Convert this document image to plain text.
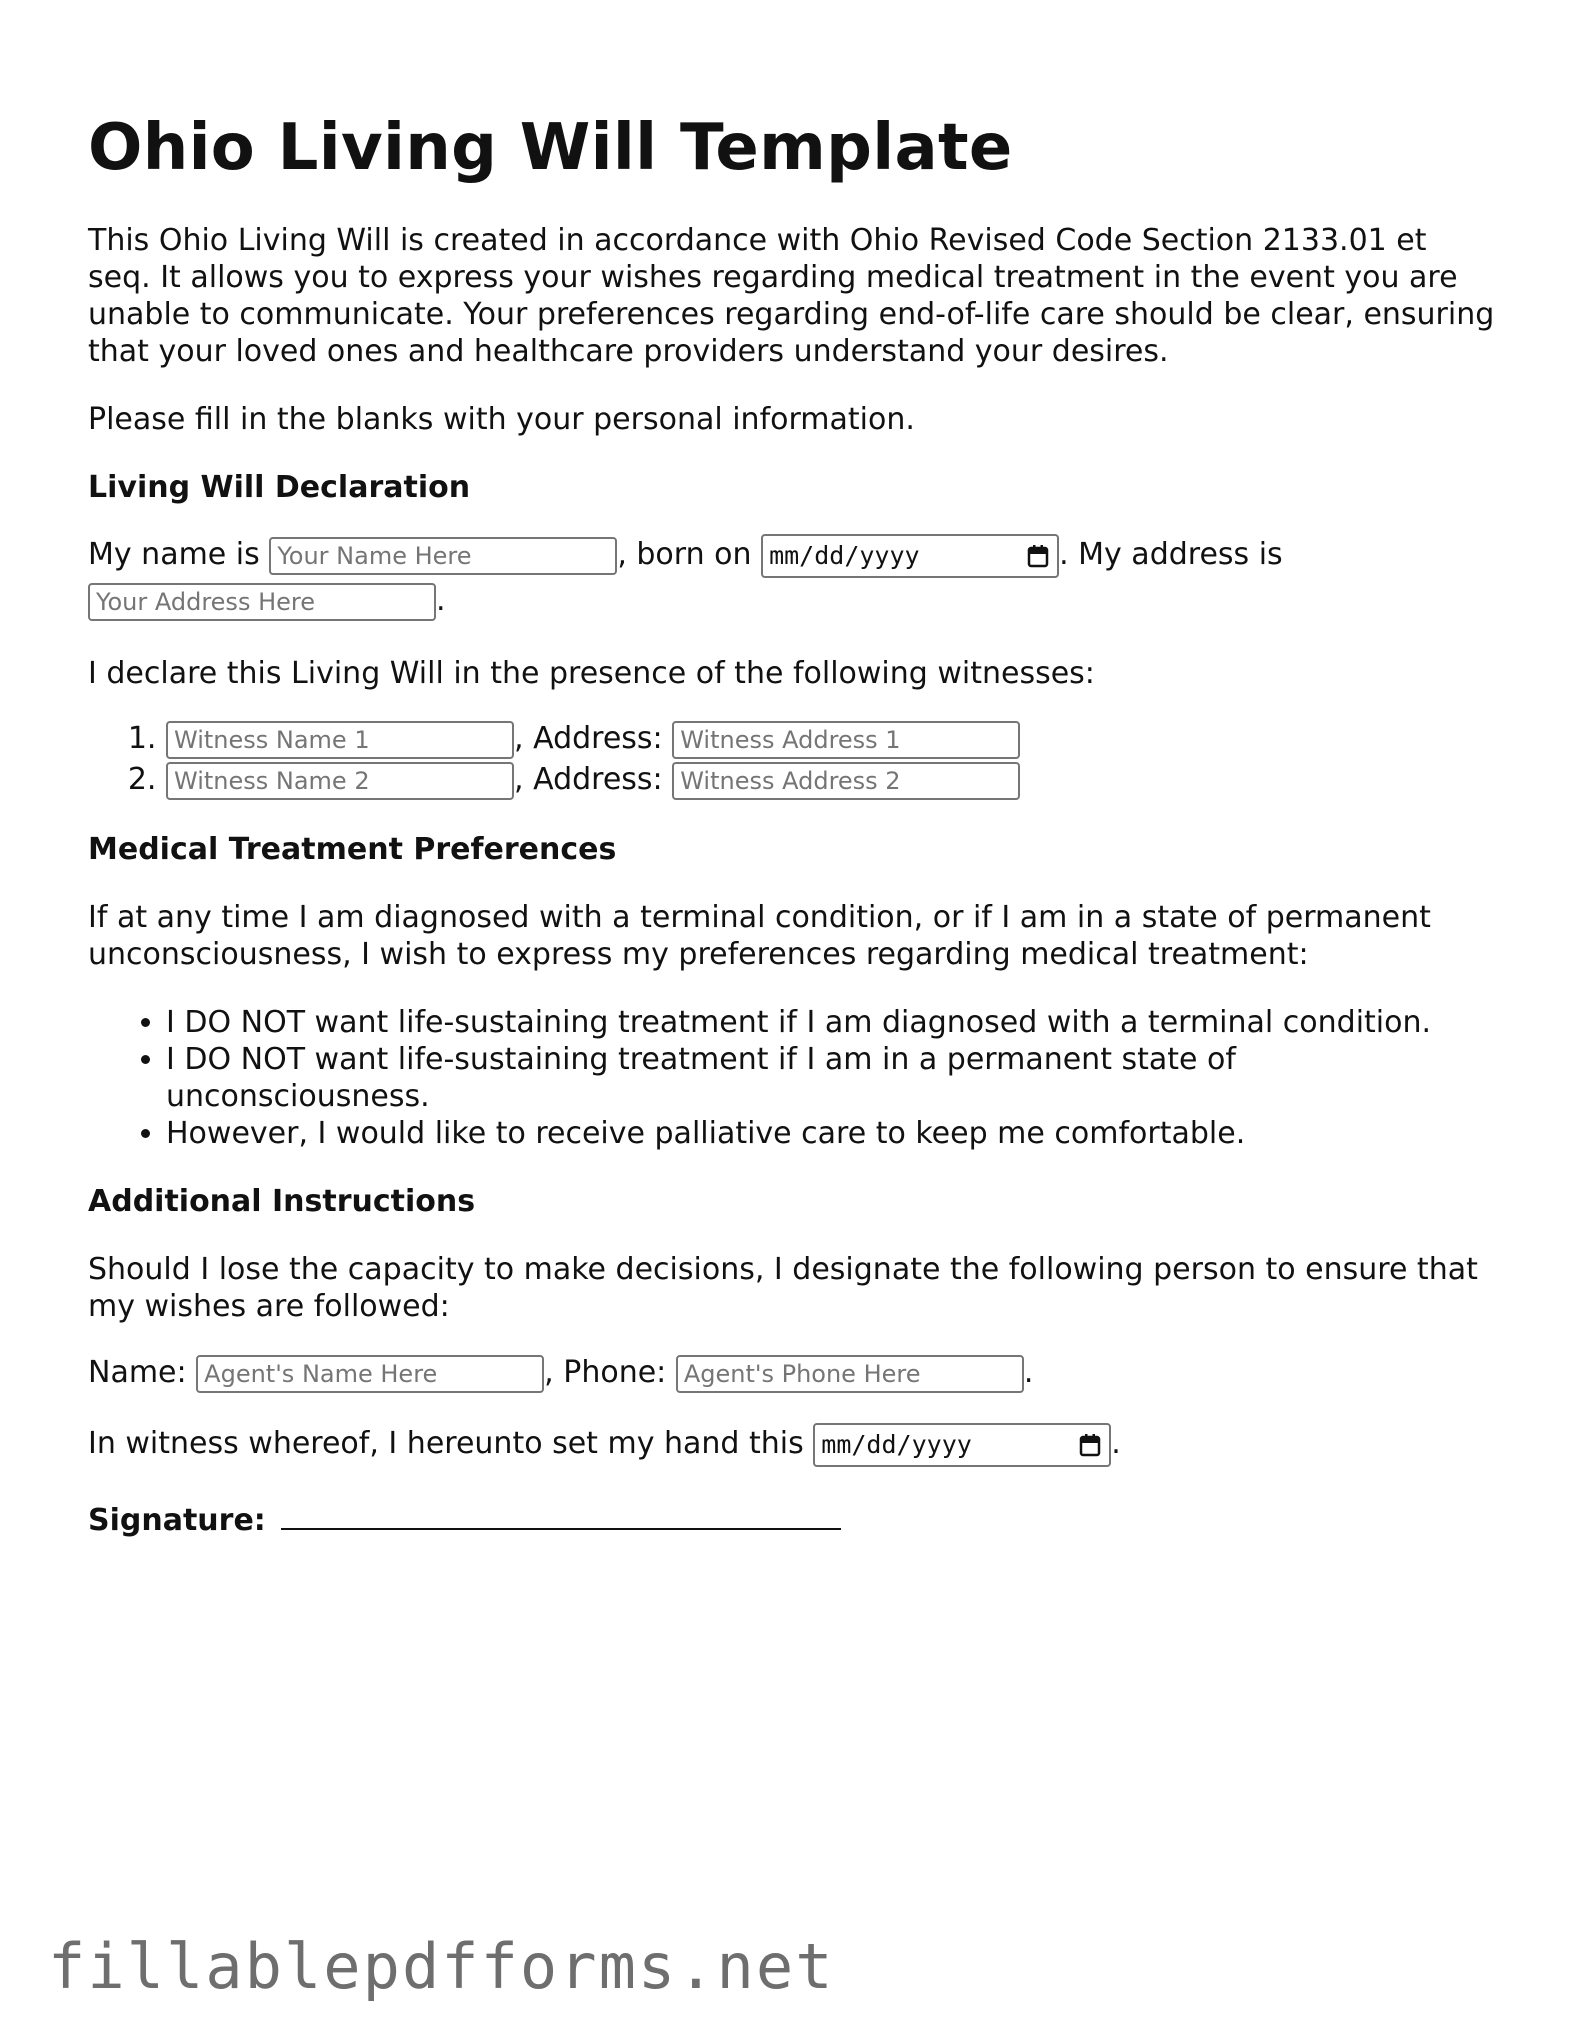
Ohio Living Will Template

This Ohio Living Will is created in accordance with Ohio Revised Code Section 2133.01 et seq. It allows you to express your wishes regarding medical treatment in the event you are unable to communicate. Your preferences regarding end-of-life care should be clear, ensuring that your loved ones and healthcare providers understand your desires.

Please fill in the blanks with your personal information.

Living Will Declaration
My name is Your Name Here	, born on mm/dd/yyyy	. My address is
Your Address Here.

I declare this Living Will in the presence of the following witnesses:

Witness Name 1 1. , Address: Witness Address 1
Witness Name 2 2. , Address: Witness Address 2
Medical Treatment Preferences

If at any time I am diagnosed with a terminal condition, or if I am in a state of permanent unconsciousness, I wish to express my preferences regarding medical treatment:

• I DO NOT want life-sustaining treatment if I am diagnosed with a terminal condition.
• I DO NOT want life-sustaining treatment if I am in a permanent state of unconsciousness.
• However, I would like to receive palliative care to keep me comfortable.
Additional Instructions

Should I lose the capacity to make decisions, I designate the following person to ensure that my wishes are followed:

Name: Agent's Name Here	, Phone: Agent's Phone Here	.
In witness whereof, I hereunto set my hand this mm/dd/yyyy	.
Signature:
fillablepdfforms.net
